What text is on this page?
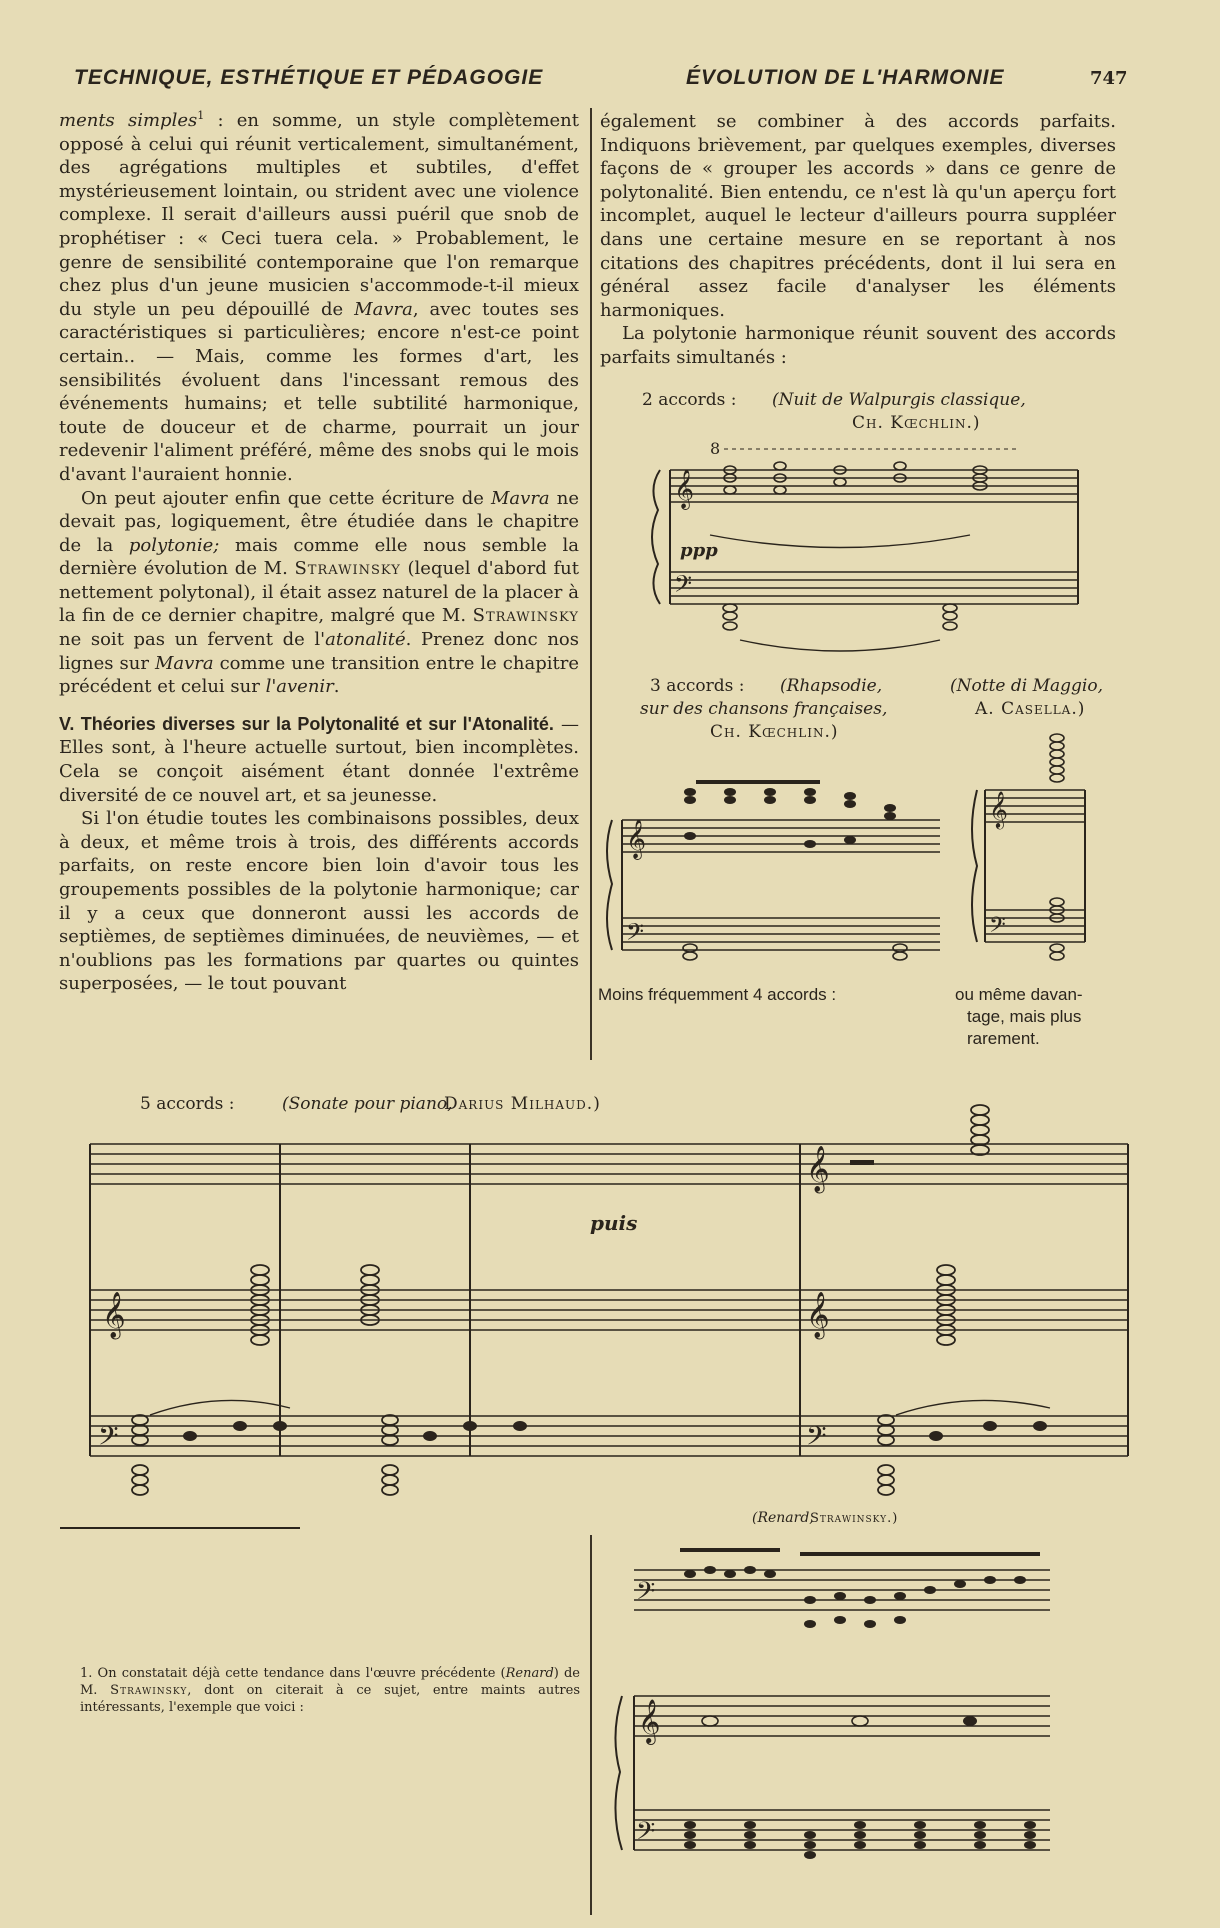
TECHNIQUE, ESTHÉTIQUE ET PÉDAGOGIE	ÉVOLUTION DE L'HARMONIE	747

ments simples$^1$ : en somme, un style complètement opposé à celui qui réunit verticalement, simultanément, des agrégations multiples et subtiles, d'effet mystérieusement lointain, ou strident avec une violence complexe. Il serait d'ailleurs aussi puéril que snob de prophétiser : « Ceci tuera cela. » Probablement, le genre de sensibilité contemporaine que l'on remarque chez plus d'un jeune musicien s'accommode-t-il mieux du style un peu dépouillé de Mavra, avec toutes ses caractéristiques si particulières; encore n'est-ce point certain.. — Mais, comme les formes d'art, les sensibilités évoluent dans l'incessant remous des événements humains; et telle subtilité harmonique, toute de douceur et de charme, pourrait un jour redevenir l'aliment préféré, même des snobs qui le mois d'avant l'auraient honnie.

On peut ajouter enfin que cette écriture de Mavra ne devait pas, logiquement, être étudiée dans le chapitre de la polytonie; mais comme elle nous semble la dernière évolution de M. Strawinsky (lequel d'abord fut nettement polytonal), il était assez naturel de la placer à la fin de ce dernier chapitre, malgré que M. Strawinsky ne soit pas un fervent de l'atonalité. Prenez donc nos lignes sur Mavra comme une transition entre le chapitre précédent et celui sur l'avenir.

V. Théories diverses sur la Polytonalité et sur l'Atonalité. — Elles sont, à l'heure actuelle surtout, bien incomplètes. Cela se conçoit aisément étant donnée l'extrême diversité de ce nouvel art, et sa jeunesse.

Si l'on étudie toutes les combinaisons possibles, deux à deux, et même trois à trois, des différents accords parfaits, on reste encore bien loin d'avoir tous les groupements possibles de la polytonie harmonique; car il y a ceux que donneront aussi les accords de septièmes, de septièmes diminuées, de neuvièmes, — et n'oublions pas les formations par quartes ou quintes superposées, — le tout pouvant

également se combiner à des accords parfaits. Indiquons brièvement, par quelques exemples, diverses façons de « grouper les accords » dans ce genre de polytonalité. Bien entendu, ce n'est là qu'un aperçu fort incomplet, auquel le lecteur d'ailleurs pourra suppléer dans une certaine mesure en se reportant à nos citations des chapitres précédents, dont il lui sera en général assez facile d'analyser les éléments harmoniques.

La polytonie harmonique réunit souvent des accords parfaits simultanés :

2 accords : (Nuit de Walpurgis classique,
Ch. Kœchlin.)
8
𝄞
𝄢
ppp
3 accords : (Rhapsodie,
sur des chansons françaises,
Ch. Kœchlin.)
(Notte di Maggio,
A. Casella.)
𝄞
𝄢
𝄞
𝄢
Moins fréquemment 4 accords :	ou même davan-
tage, mais plus
rarement.
5 accords :	(Sonate pour piano,
Darius Milhaud.)
𝄞
𝄞	𝄞
𝄢	𝄢
puis
1. On constatait déjà cette tendance dans l'œuvre précédente (Renard) de M. Strawinsky, dont on citerait à ce sujet, entre maints autres intéressants, l'exemple que voici :
(Renard,
Strawinsky.)
𝄢
𝄞
𝄢
